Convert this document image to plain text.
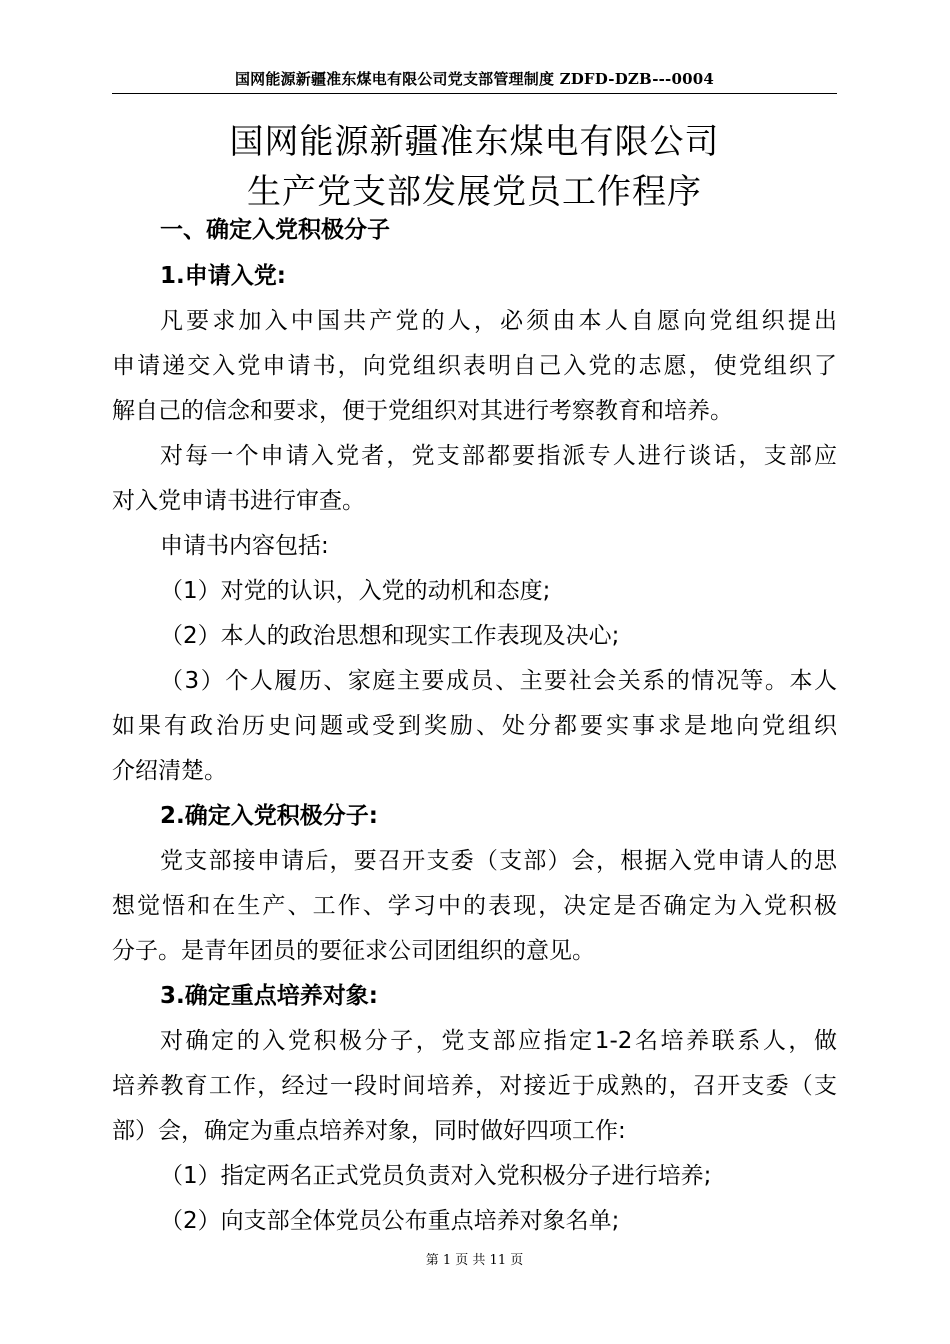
国网能源新疆准东煤电有限公司党支部管理制度 ZDFD-DZB---0004
国网能源新疆准东煤电有限公司
生产党支部发展党员工作程序
一、确定入党积极分子
1.申请入党:
凡要求加入中国共产党的人，必须由本人自愿向党组织提出
申请递交入党申请书，向党组织表明自己入党的志愿，使党组织了
解自己的信念和要求，便于党组织对其进行考察教育和培养。
对每一个申请入党者，党支部都要指派专人进行谈话，支部应
对入党申请书进行审查。
申请书内容包括:
（1）对党的认识，入党的动机和态度;
（2）本人的政治思想和现实工作表现及决心;
（3）个人履历、家庭主要成员、主要社会关系的情况等。本人
如果有政治历史问题或受到奖励、处分都要实事求是地向党组织
介绍清楚。
2.确定入党积极分子:
党支部接申请后，要召开支委（支部）会，根据入党申请人的思
想觉悟和在生产、工作、学习中的表现，决定是否确定为入党积极
分子。是青年团员的要征求公司团组织的意见。
3.确定重点培养对象:
对确定的入党积极分子，党支部应指定1-2名培养联系人，做
培养教育工作，经过一段时间培养，对接近于成熟的，召开支委（支
部）会，确定为重点培养对象，同时做好四项工作:
（1）指定两名正式党员负责对入党积极分子进行培养;
（2）向支部全体党员公布重点培养对象名单;
第 1 页 共 11 页
